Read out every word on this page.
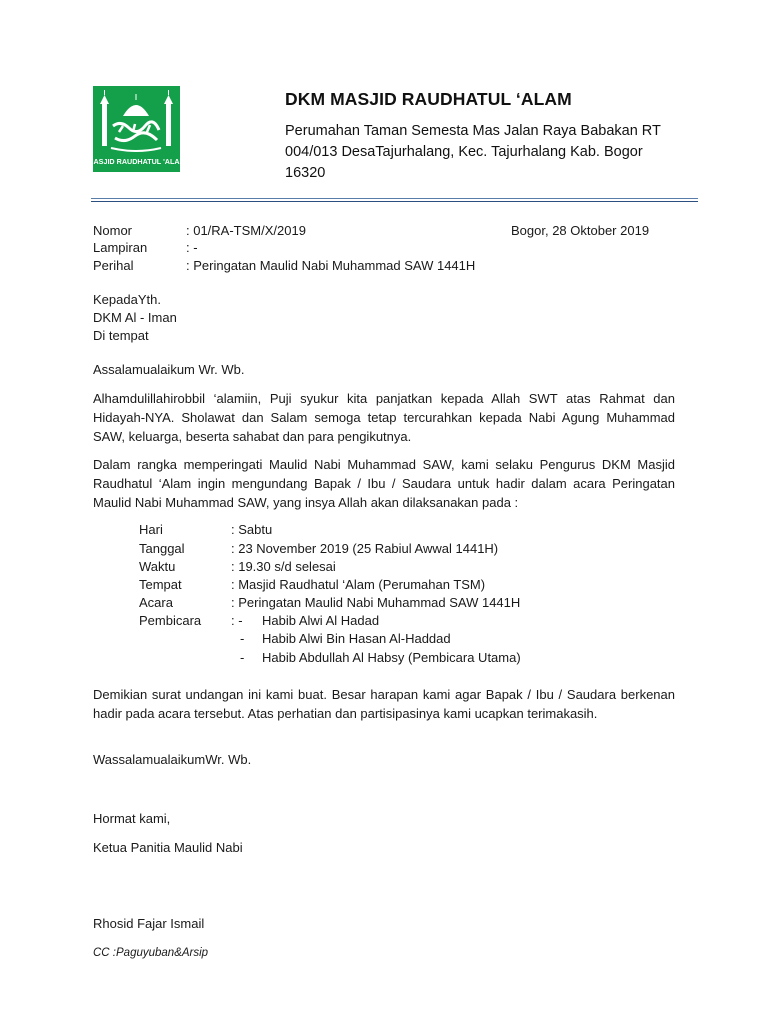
MASJID RAUDHATUL 'ALAM
DKM MASJID RAUDHATUL ‘ALAM
Perumahan Taman Semesta Mas Jalan Raya Babakan RT 004/013 DesaTajurhalang, Kec. Tajurhalang Kab. Bogor 16320
Nomor	: 01/RA-TSM/X/2019	Bogor, 28 Oktober 2019
Lampiran	: -
Perihal	: Peringatan Maulid Nabi Muhammad SAW 1441H
KepadaYth.
DKM Al - Iman
Di tempat
Assalamualaikum Wr. Wb.
Alhamdulillahirobbil ‘alamiin, Puji syukur kita panjatkan kepada Allah SWT atas Rahmat dan Hidayah-NYA. Sholawat dan Salam semoga tetap tercurahkan kepada Nabi Agung Muhammad SAW, keluarga, beserta sahabat dan para pengikutnya.
Dalam rangka memperingati Maulid Nabi Muhammad SAW, kami selaku Pengurus DKM Masjid Raudhatul ‘Alam ingin mengundang Bapak / Ibu / Saudara untuk hadir dalam acara Peringatan Maulid Nabi Muhammad SAW, yang insya Allah akan dilaksanakan pada :
Hari	: Sabtu
Tanggal	: 23 November 2019 (25 Rabiul Awwal 1441H)
Waktu	: 19.30 s/d selesai
Tempat	: Masjid Raudhatul ‘Alam (Perumahan TSM)
Acara	: Peringatan Maulid Nabi Muhammad SAW 1441H
Pembicara : - Habib Alwi Al Hadad
- Habib Alwi Bin Hasan Al-Haddad
- Habib Abdullah Al Habsy (Pembicara Utama)
Demikian surat undangan ini kami buat. Besar harapan kami agar Bapak / Ibu / Saudara berkenan hadir pada acara tersebut. Atas perhatian dan partisipasinya kami ucapkan terimakasih.
WassalamualaikumWr. Wb.
Hormat kami,
Ketua Panitia Maulid Nabi
Rhosid Fajar Ismail
CC :Paguyuban&Arsip
